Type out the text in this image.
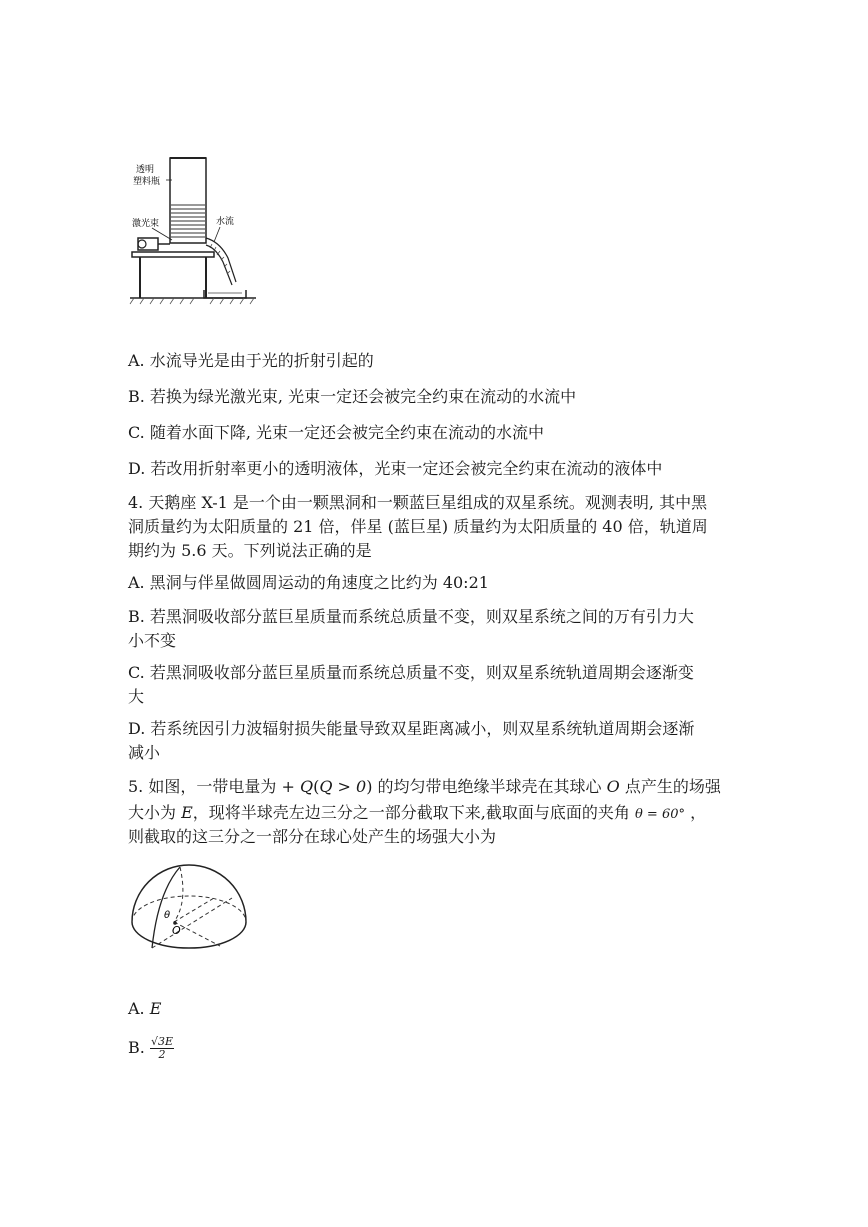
透明
塑料瓶
激光束	水流
A. 水流导光是由于光的折射引起的
B. 若换为绿光激光束, 光束一定还会被完全约束在流动的水流中
C. 随着水面下降, 光束一定还会被完全约束在流动的水流中
D. 若改用折射率更小的透明液体，光束一定还会被完全约束在流动的液体中
4. 天鹅座 X-1 是一个由一颗黑洞和一颗蓝巨星组成的双星系统。观测表明, 其中黑
洞质量约为太阳质量的 21 倍，伴星 (蓝巨星) 质量约为太阳质量的 40 倍，轨道周
期约为 5.6 天。下列说法正确的是
A. 黑洞与伴星做圆周运动的角速度之比约为 40:21
B. 若黑洞吸收部分蓝巨星质量而系统总质量不变，则双星系统之间的万有引力大
小不变
C. 若黑洞吸收部分蓝巨星质量而系统总质量不变，则双星系统轨道周期会逐渐变
大
D. 若系统因引力波辐射损失能量导致双星距离减小，则双星系统轨道周期会逐渐
减小
5. 如图，一带电量为 + Q(Q > 0) 的均匀带电绝缘半球壳在其球心 O 点产生的场强
大小为 E，现将半球壳左边三分之一部分截取下来,截取面与底面的夹角 θ = 60° ，
则截取的这三分之一部分在球心处产生的场强大小为
θ
O
A. E
B. $\frac{√3E}{2}$
